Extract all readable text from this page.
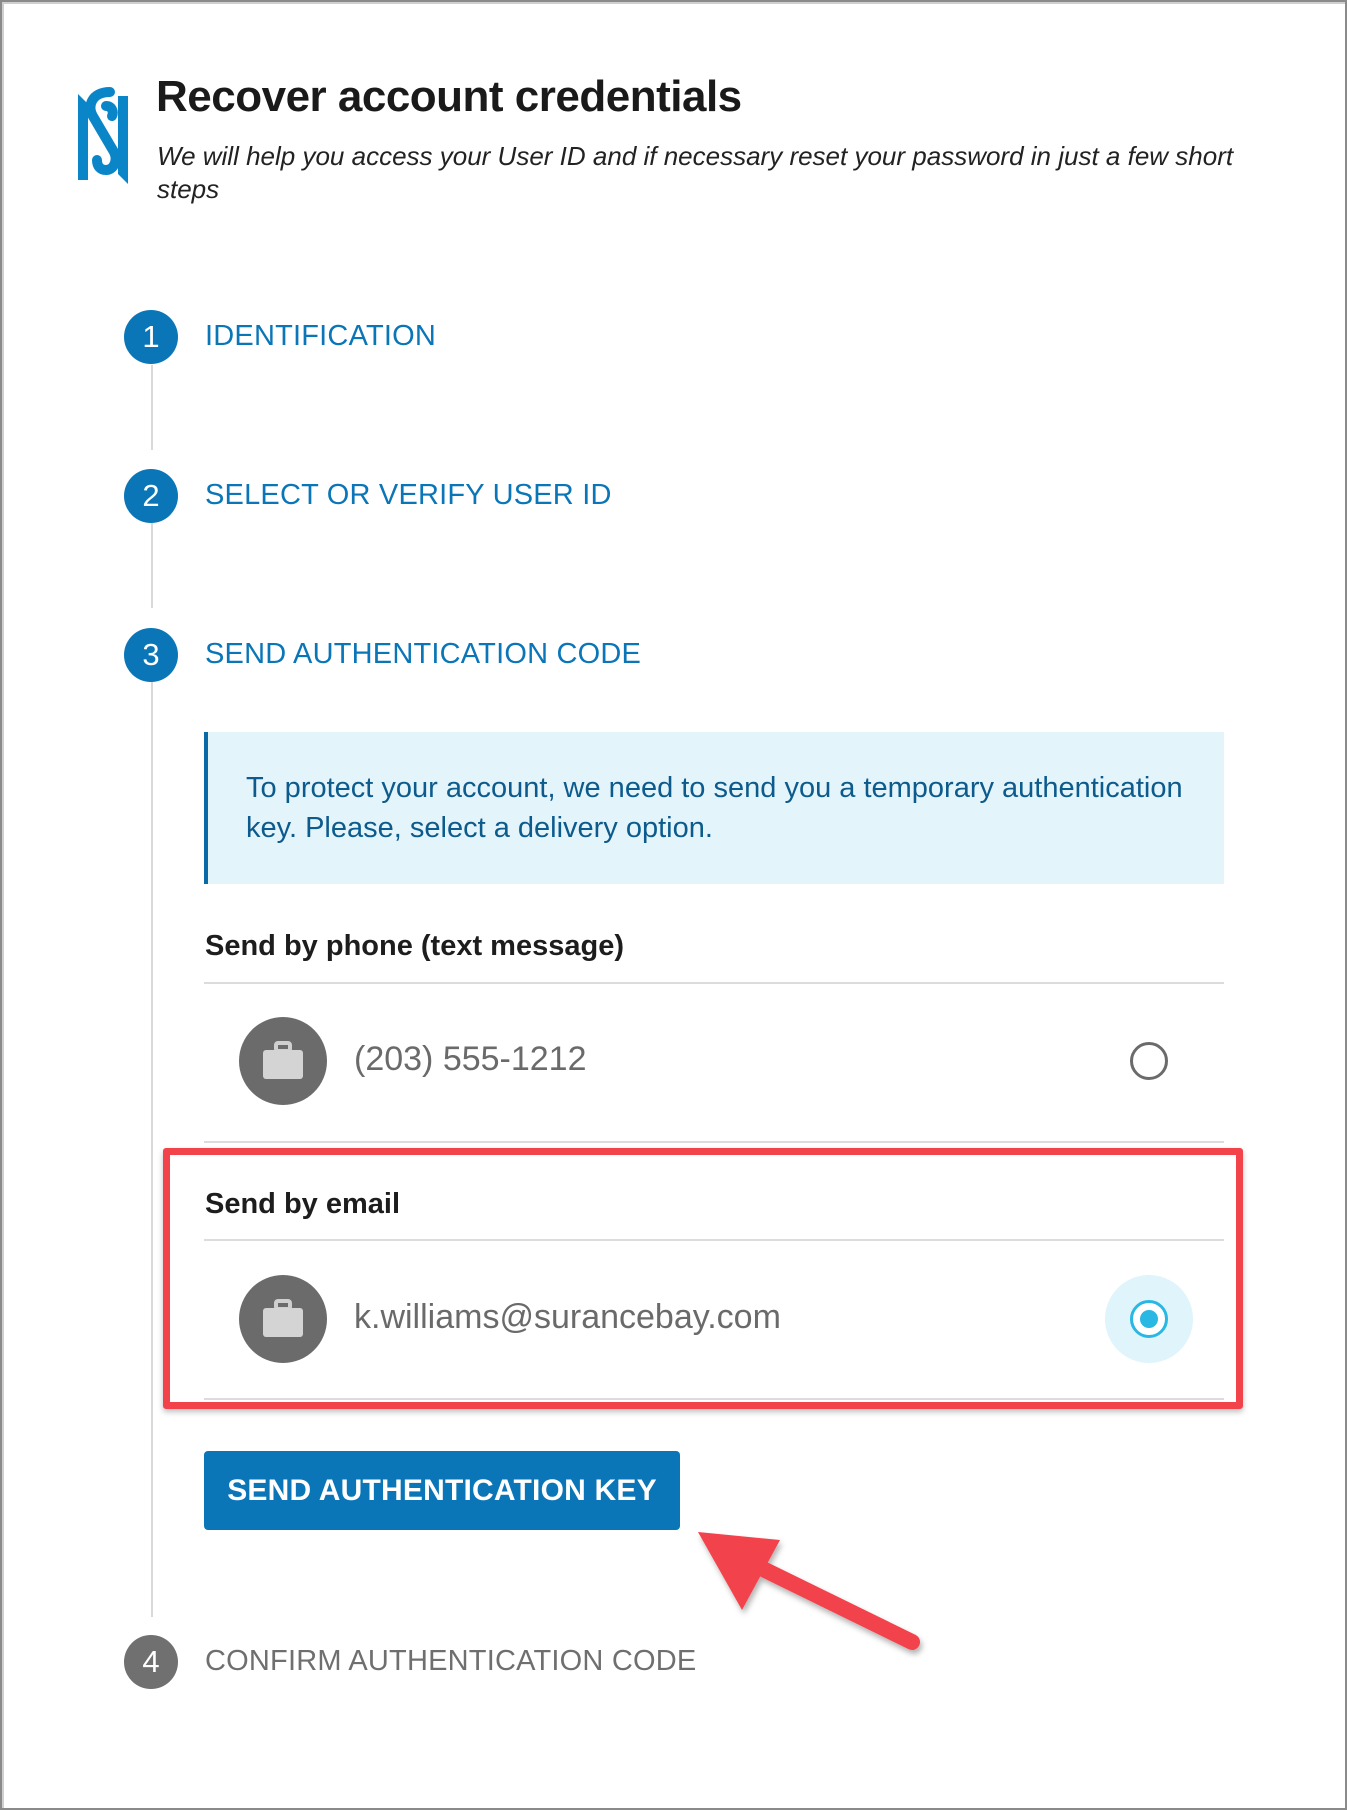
Recover account credentials
We will help you access your User ID and if necessary reset your password in just a few short steps
1	IDENTIFICATION
2	SELECT OR VERIFY USER ID
3	SEND AUTHENTICATION CODE
To protect your account, we need to send you a temporary authentication key. Please, select a delivery option.
Send by phone (text message)
(203) 555-1212
Send by email
k.williams@surancebay.com
SEND AUTHENTICATION KEY
4	CONFIRM AUTHENTICATION CODE
